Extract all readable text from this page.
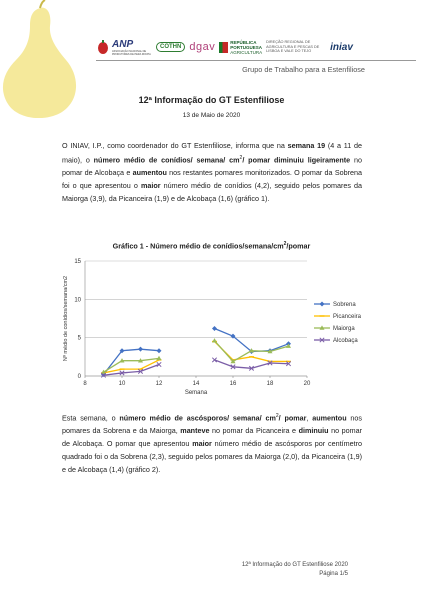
ANP
ASSOCIAÇÃO NACIONAL DE PRODUTORES DE PERA ROCHA
COTHN dgav	REPÚBLICA
PORTUGUESA
AGRICULTURA
DIREÇÃO REGIONAL DE AGRICULTURA E PESCAS DE LISBOA E VALE DO TEJO	iniav
Grupo de Trabalho para a Estenfiliose
12ª Informação do GT Estenfiliose
13 de Maio de 2020
O INIAV, I.P., como coordenador do GT Estenfiliose, informa que na semana 19 (4 a 11 de maio), o número médio de conídios/ semana/ $cm^2/$ pomar diminuiu ligeiramente no pomar de Alcobaça e aumentou nos restantes pomares monitorizados. O pomar da Sobrena foi o que apresentou o maior número médio de conídios (4,2), seguido pelos pomares da Maiorga (3,9), da Picanceira (1,9) e de Alcobaça (1,6) (gráfico 1).
Gráfico 1 - Número médio de conídios/$semana/cm^2$/pomar
0
5
10
15
8	10	12	14	16	18	20
Semana
Nº médio de conídios/semana/cm2	Sobrena
Picanceira
Maiorga
Alcobaça
Esta semana, o número médio de ascósporos/ semana/ $cm^2/$ pomar, aumentou nos pomares da Sobrena e da Maiorga, manteve no pomar da Picanceira e diminuiu no pomar de Alcobaça. O pomar que apresentou maior número médio de ascósporos por centímetro quadrado foi o da Sobrena (2,3), seguido pelos pomares da Maiorga (2,0), da Picanceira (1,9) e de Alcobaça (1,4) (gráfico 2).
12ª Informação do GT Estenfiliose 2020
Página 1/5
